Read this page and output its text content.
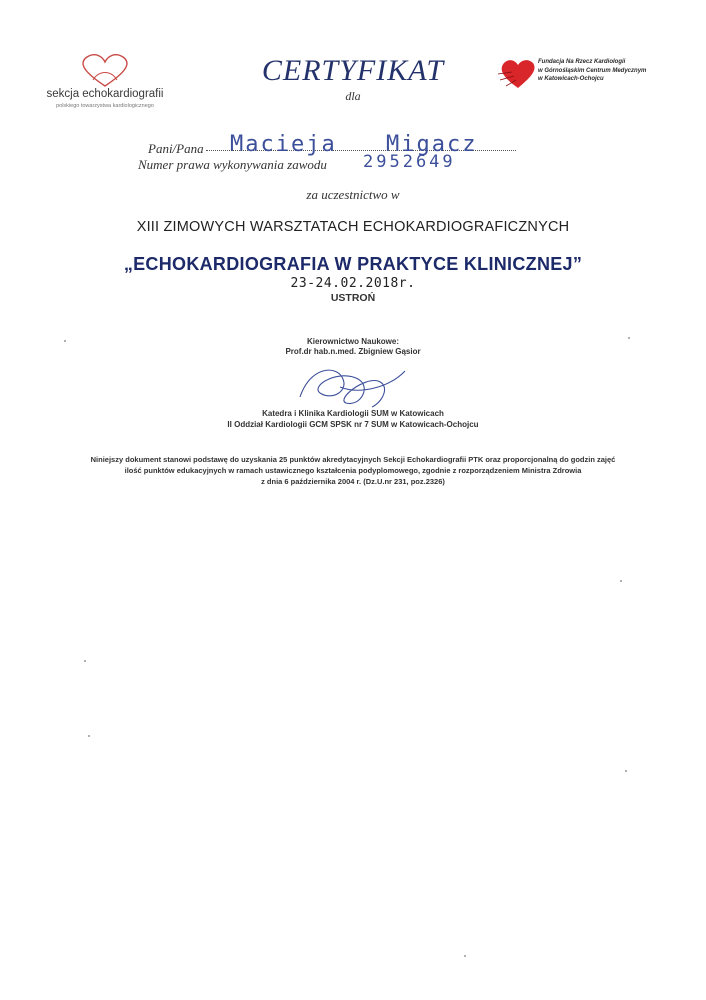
sekcja echokardiografii
polskiego towarzystwa kardiologicznego
CERTYFIKAT
dla
Fundacja Na Rzecz Kardiologii
w Górnośląskim Centrum Medycznym
w Katowicach-Ochojcu
Pani/Pana Macieja Migacz
Numer prawa wykonywania zawodu 2952649
za uczestnictwo w
XIII ZIMOWYCH WARSZTATACH ECHOKARDIOGRAFICZNYCH
„ECHOKARDIOGRAFIA W PRAKTYCE KLINICZNEJ”
23-24.02.2018r.
USTROŃ
Kierownictwo Naukowe:
Prof.dr hab.n.med. Zbigniew Gąsior
Katedra i Klinika Kardiologii SUM w Katowicach
II Oddział Kardiologii GCM SPSK nr 7 SUM w Katowicach-Ochojcu
Niniejszy dokument stanowi podstawę do uzyskania 25 punktów akredytacyjnych Sekcji Echokardiografii PTK oraz proporcjonalną do godzin zajęć
ilość punktów edukacyjnych w ramach ustawicznego kształcenia podyplomowego, zgodnie z rozporządzeniem Ministra Zdrowia
z dnia 6 października 2004 r. (Dz.U.nr 231, poz.2326)
